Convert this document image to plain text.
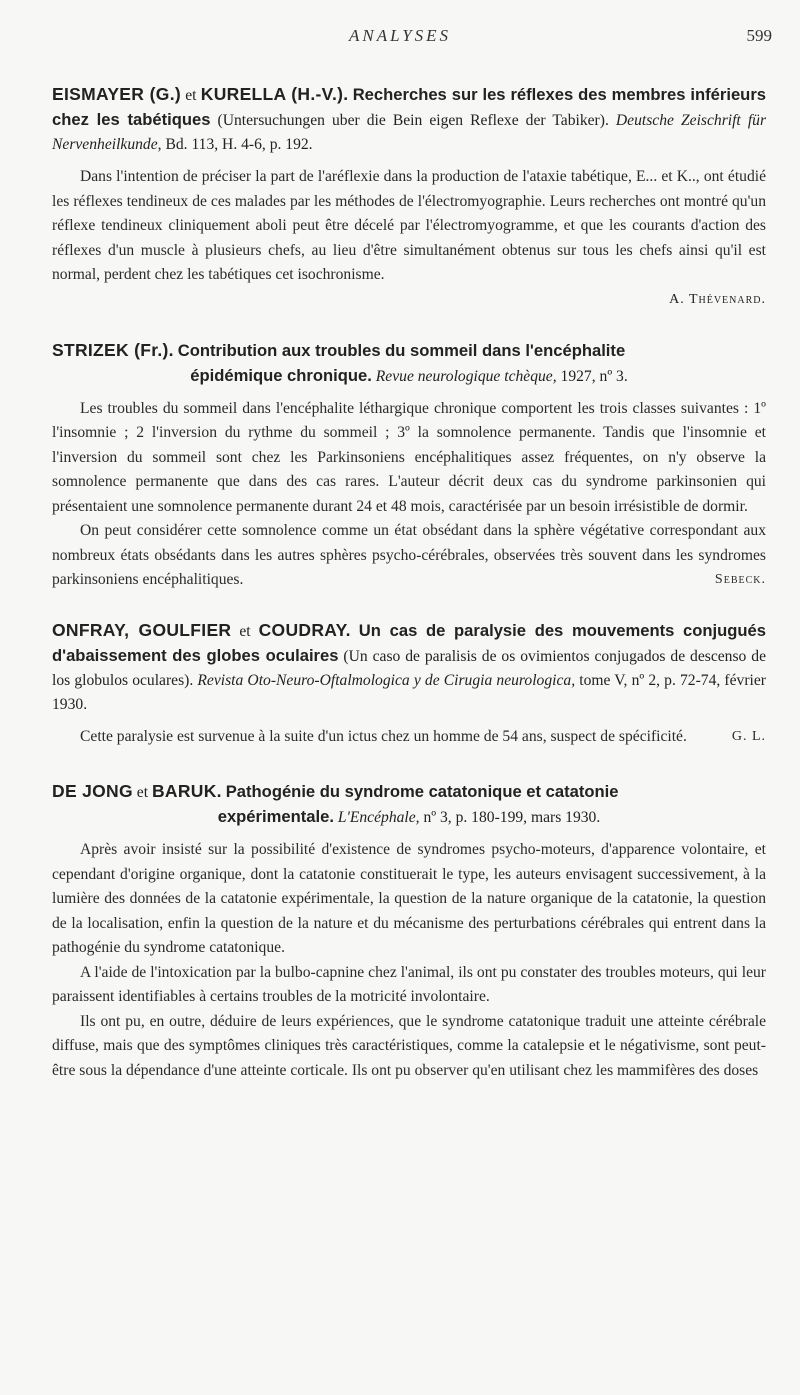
ANALYSES	599

EISMAYER (G.) et KURELLA (H.-V.). Recherches sur les réflexes des membres inférieurs chez les tabétiques (Untersuchungen uber die Bein eigen Reflexe der Tabiker). Deutsche Zeischrift für Nervenheilkunde, Bd. 113, H. 4-6, p. 192.

Dans l'intention de préciser la part de l'aréflexie dans la production de l'ataxie tabétique, E... et K.., ont étudié les réflexes tendineux de ces malades par les méthodes de l'électromyographie. Leurs recherches ont montré qu'un réflexe tendineux cliniquement aboli peut être décelé par l'électromyogramme, et que les courants d'action des réflexes d'un muscle à plusieurs chefs, au lieu d'être simultanément obtenus sur tous les chefs ainsi qu'il est normal, perdent chez les tabétiques cet isochronisme.

A. Thévenard.

STRIZEK (Fr.). Contribution aux troubles du sommeil dans l'encéphalite
épidémique chronique. Revue neurologique tchèque, 1927, nº 3.

Les troubles du sommeil dans l'encéphalite léthargique chronique comportent les trois classes suivantes : 1º l'insomnie ; 2 l'inversion du rythme du sommeil ; 3º la somnolence permanente. Tandis que l'insomnie et l'inversion du sommeil sont chez les Parkinsoniens encéphalitiques assez fréquentes, on n'y observe la somnolence permanente que dans des cas rares. L'auteur décrit deux cas du syndrome parkinsonien qui présentaient une somnolence permanente durant 24 et 48 mois, caractérisée par un besoin irrésistible de dormir.

On peut considérer cette somnolence comme un état obsédant dans la sphère végétative correspondant aux nombreux états obsédants dans les autres sphères psycho-cérébrales, observées très souvent dans les syndromes parkinsoniens encéphalitiques.	Sebeck.

ONFRAY, GOULFIER et COUDRAY. Un cas de paralysie des mouvements conjugués d'abaissement des globes oculaires (Un caso de paralisis de os ovimientos conjugados de descenso de los globulos oculares). Revista Oto-Neuro-Oftalmologica y de Cirugia neurologica, tome V, nº 2, p. 72-74, février 1930.

Cette paralysie est survenue à la suite d'un ictus chez un homme de 54 ans, suspect de spécificité.	G. L.

DE JONG et BARUK. Pathogénie du syndrome catatonique et catatonie
expérimentale. L'Encéphale, nº 3, p. 180-199, mars 1930.

Après avoir insisté sur la possibilité d'existence de syndromes psycho-moteurs, d'apparence volontaire, et cependant d'origine organique, dont la catatonie constituerait le type, les auteurs envisagent successivement, à la lumière des données de la catatonie expérimentale, la question de la nature organique de la catatonie, la question de la localisation, enfin la question de la nature et du mécanisme des perturbations cérébrales qui entrent dans la pathogénie du syndrome catatonique.

A l'aide de l'intoxication par la bulbo-capnine chez l'animal, ils ont pu constater des troubles moteurs, qui leur paraissent identifiables à certains troubles de la motricité involontaire.

Ils ont pu, en outre, déduire de leurs expériences, que le syndrome catatonique traduit une atteinte cérébrale diffuse, mais que des symptômes cliniques très caractéristiques, comme la catalepsie et le négativisme, sont peut-être sous la dépendance d'une atteinte corticale. Ils ont pu observer qu'en utilisant chez les mammifères des doses
